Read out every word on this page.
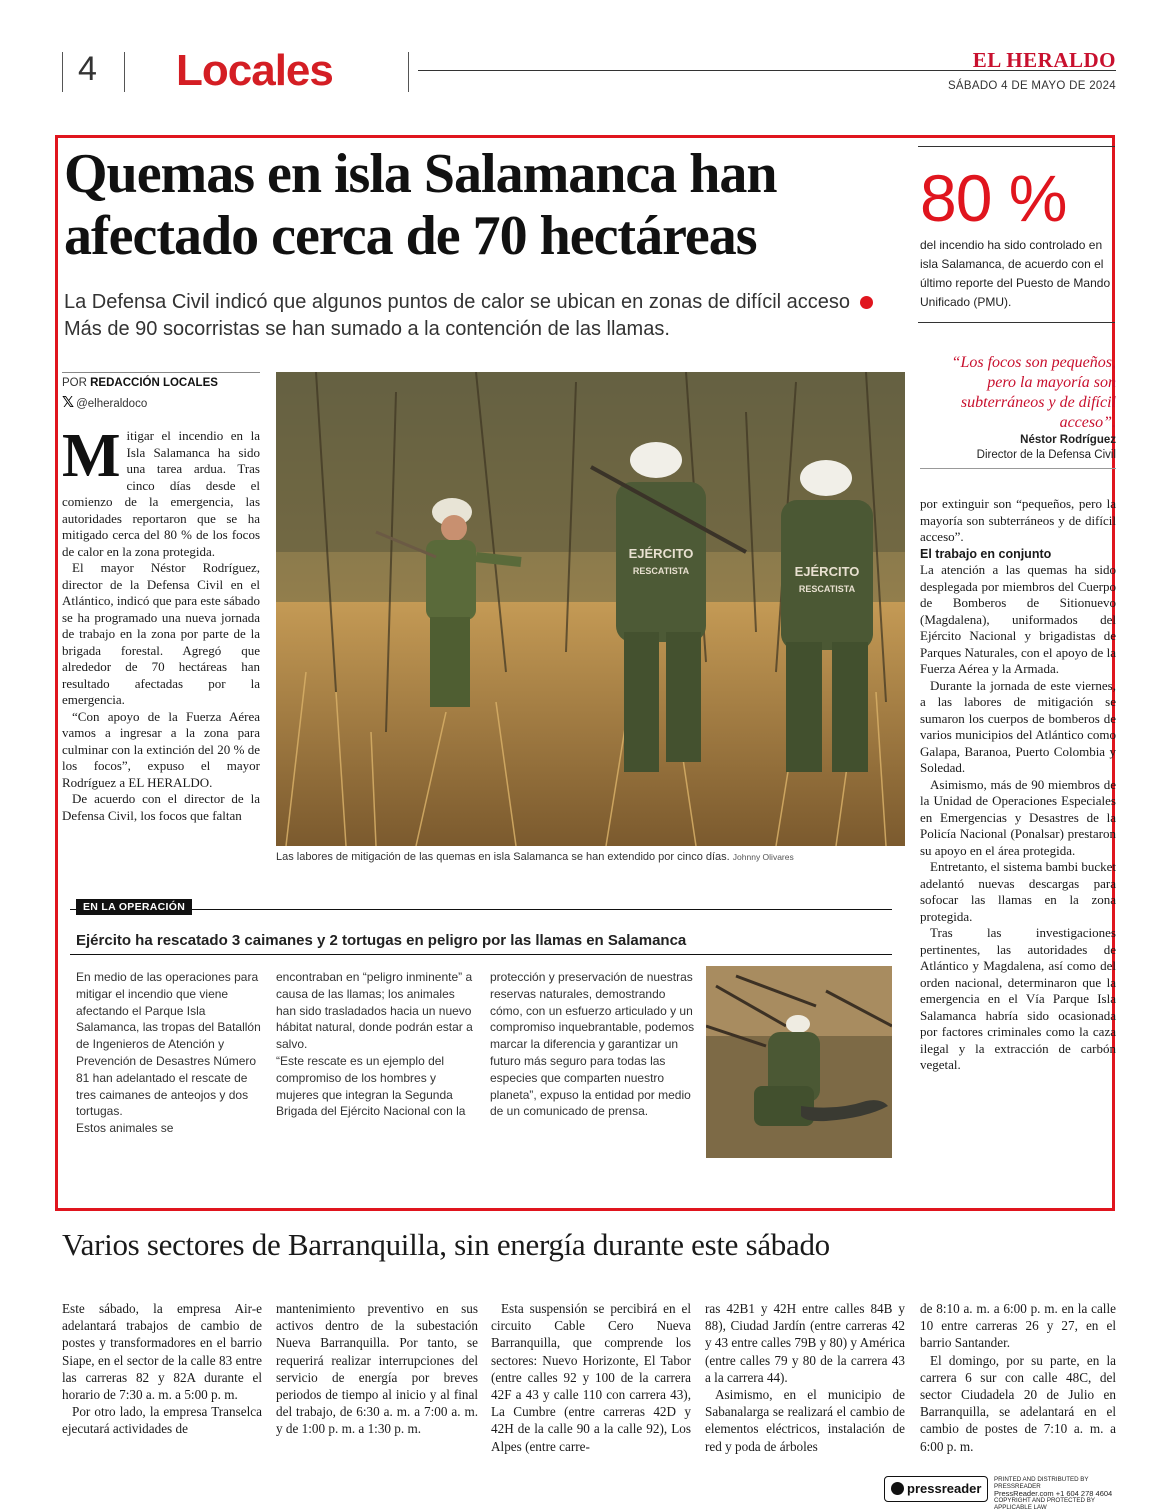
4 Locales	EL HERALDO
SÁBADO 4 DE MAYO DE 2024
Quemas en isla Salamanca han
afectado cerca de 70 hectáreas
La Defensa Civil indicó que algunos puntos de calor se ubican en zonas de difícil acceso  Más de 90 socorristas se han sumado a la contención de las llamas.
80 %
del incendio ha sido controlado en isla Salamanca, de acuerdo con el último reporte del Puesto de Mando Unificado (PMU).
“Los focos son pequeños, pero la mayoría son subterráneos y de difícil acceso”.
Néstor Rodríguez
Director de la Defensa Civil
POR REDACCIÓN LOCALES
𝕏 @elheraldoco

Mitigar el incendio en la Isla Salamanca ha sido una tarea ardua. Tras cinco días desde el comienzo de la emergencia, las autoridades reportaron que se ha mitigado cerca del 80 % de los focos de calor en la zona protegida.

El mayor Néstor Rodríguez, director de la Defensa Civil en el Atlántico, indicó que para este sábado se ha programado una nueva jornada de trabajo en la zona por parte de la brigada forestal. Agregó que alrededor de 70 hectáreas han resultado afectadas por la emergencia.

“Con apoyo de la Fuerza Aérea vamos a ingresar a la zona para culminar con la extinción del 20 % de los focos”, expuso el mayor Rodríguez a EL HERALDO.

De acuerdo con el director de la Defensa Civil, los focos que faltan

EJÉRCITO
RESCATISTA	EJÉRCITO
RESCATISTA
Las labores de mitigación de las quemas en isla Salamanca se han extendido por cinco días. Johnny Olivares

por extinguir son “pequeños, pero la mayoría son subterráneos y de difícil acceso”.

El trabajo en conjunto

La atención a las quemas ha sido desplegada por miembros del Cuerpo de Bomberos de Sitionuevo (Magdalena), uniformados del Ejército Nacional y brigadistas de Parques Naturales, con el apoyo de la Fuerza Aérea y la Armada.

Durante la jornada de este viernes, a las labores de mitigación se sumaron los cuerpos de bomberos de varios municipios del Atlántico como Galapa, Baranoa, Puerto Colombia y Soledad.

Asimismo, más de 90 miembros de la Unidad de Operaciones Especiales en Emergencias y Desastres de la Policía Nacional (Ponalsar) prestaron su apoyo en el área protegida.

Entretanto, el sistema bambi bucket adelantó nuevas descargas para sofocar las llamas en la zona protegida.

Tras las investigaciones pertinentes, las autoridades de Atlántico y Magdalena, así como del orden nacional, determinaron que la emergencia en el Vía Parque Isla Salamanca habría sido ocasionada por factores criminales como la caza ilegal y la extracción de carbón vegetal.

EN LA OPERACIÓN
Ejército ha rescatado 3 caimanes y 2 tortugas en peligro por las llamas en Salamanca
En medio de las operaciones para mitigar el incendio que viene afectando el Parque Isla Salamanca, las tropas del Batallón de Ingenieros de Atención y Prevención de Desastres Número 81 han adelantado el rescate de tres caimanes de anteojos y dos tortugas.
Estos animales se
encontraban en “peligro inminente” a causa de las llamas; los animales han sido trasladados hacia un nuevo hábitat natural, donde podrán estar a salvo.
“Este rescate es un ejemplo del compromiso de los hombres y mujeres que integran la Segunda Brigada del Ejército Nacional con la
protección y preservación de nuestras reservas naturales, demostrando cómo, con un esfuerzo articulado y un compromiso inquebrantable, podemos marcar la diferencia y garantizar un futuro más seguro para todas las especies que comparten nuestro planeta”, expuso la entidad por medio de un comunicado de prensa.
Varios sectores de Barranquilla, sin energía durante este sábado

Este sábado, la empresa Air-e adelantará trabajos de cambio de postes y transformadores en el barrio Siape, en el sector de la calle 83 entre las carreras 82 y 82A durante el horario de 7:30 a. m. a 5:00 p. m.

Por otro lado, la empresa Transelca ejecutará actividades de

mantenimiento preventivo en sus activos dentro de la subestación Nueva Barranquilla. Por tanto, se requerirá realizar interrupciones del servicio de energía por breves periodos de tiempo al inicio y al final del trabajo, de 6:30 a. m. a 7:00 a. m. y de 1:00 p. m. a 1:30 p. m.

Esta suspensión se percibirá en el circuito Cable Cero Nueva Barranquilla, que comprende los sectores: Nuevo Horizonte, El Tabor (entre calles 92 y 100 de la carrera 42F a 43 y calle 110 con carrera 43), La Cumbre (entre carreras 42D y 42H de la calle 90 a la calle 92), Los Alpes (entre carre-

ras 42B1 y 42H entre calles 84B y 88), Ciudad Jardín (entre carreras 42 y 43 entre calles 79B y 80) y América (entre calles 79 y 80 de la carrera 43 a la carrera 44).

Asimismo, en el municipio de Sabanalarga se realizará el cambio de elementos eléctricos, instalación de red y poda de árboles

de 8:10 a. m. a 6:00 p. m. en la calle 10 entre carreras 26 y 27, en el barrio Santander.

El domingo, por su parte, en la carrera 6 sur con calle 48C, del sector Ciudadela 20 de Julio en Barranquilla, se adelantará en el cambio de postes de 7:10 a. m. a 6:00 p. m.

pressreader
PRINTED AND DISTRIBUTED BY PRESSREADER
PressReader.com +1 604 278 4604
COPYRIGHT AND PROTECTED BY APPLICABLE LAW
